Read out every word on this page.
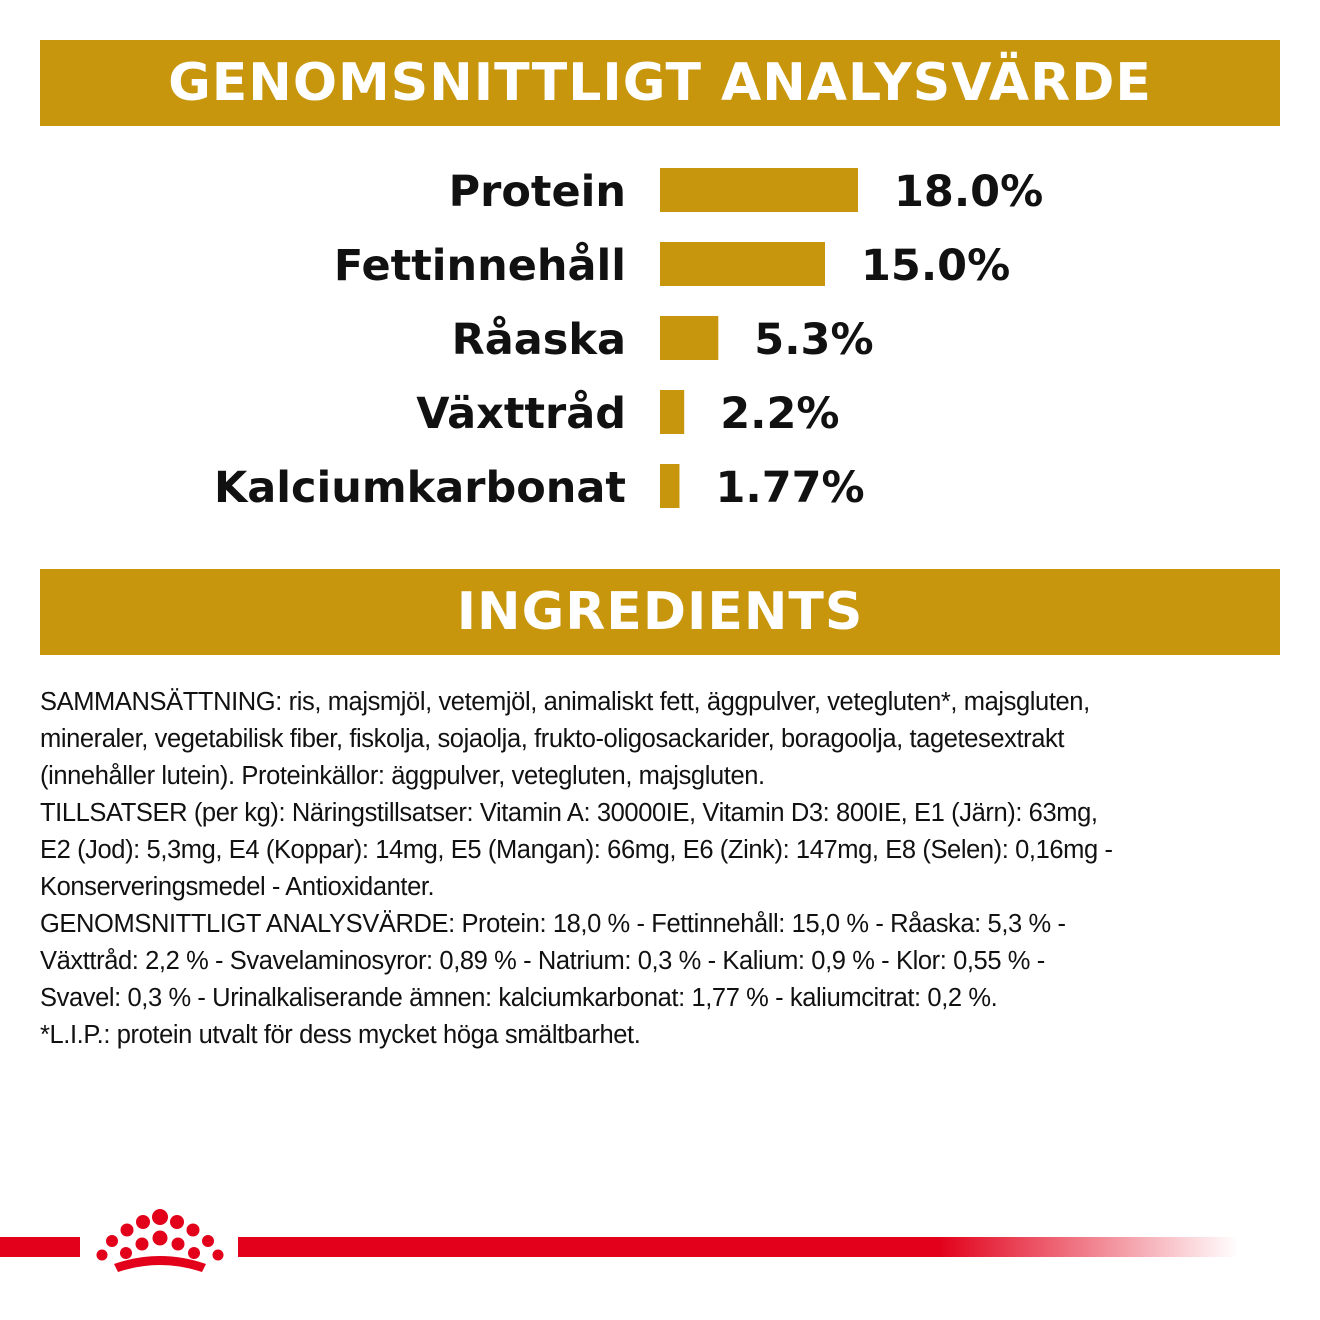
GENOMSNITTLIGT ANALYSVÄRDE
Protein	18.0%
Fettinnehåll	15.0%
Råaska	5.3%
Växttråd 2.2%
Kalciumkarbonat 1.77%
INGREDIENTS
SAMMANSÄTTNING: ris, majsmjöl, vetemjöl, animaliskt fett, äggpulver, vetegluten*, majsgluten,
mineraler, vegetabilisk fiber, fiskolja, sojaolja, frukto-oligosackarider, boragoolja, tagetesextrakt
(innehåller lutein). Proteinkällor: äggpulver, vetegluten, majsgluten.
TILLSATSER (per kg): Näringstillsatser: Vitamin A: 30000IE, Vitamin D3: 800IE, E1 (Järn): 63mg,
E2 (Jod): 5,3mg, E4 (Koppar): 14mg, E5 (Mangan): 66mg, E6 (Zink): 147mg, E8 (Selen): 0,16mg -
Konserveringsmedel - Antioxidanter.
GENOMSNITTLIGT ANALYSVÄRDE: Protein: 18,0 % - Fettinnehåll: 15,0 % - Råaska: 5,3 % -
Växttråd: 2,2 % - Svavelaminosyror: 0,89 % - Natrium: 0,3 % - Kalium: 0,9 % - Klor: 0,55 % -
Svavel: 0,3 % - Urinalkaliserande ämnen: kalciumkarbonat: 1,77 % - kaliumcitrat: 0,2 %.
*L.I.P.: protein utvalt för dess mycket höga smältbarhet.
